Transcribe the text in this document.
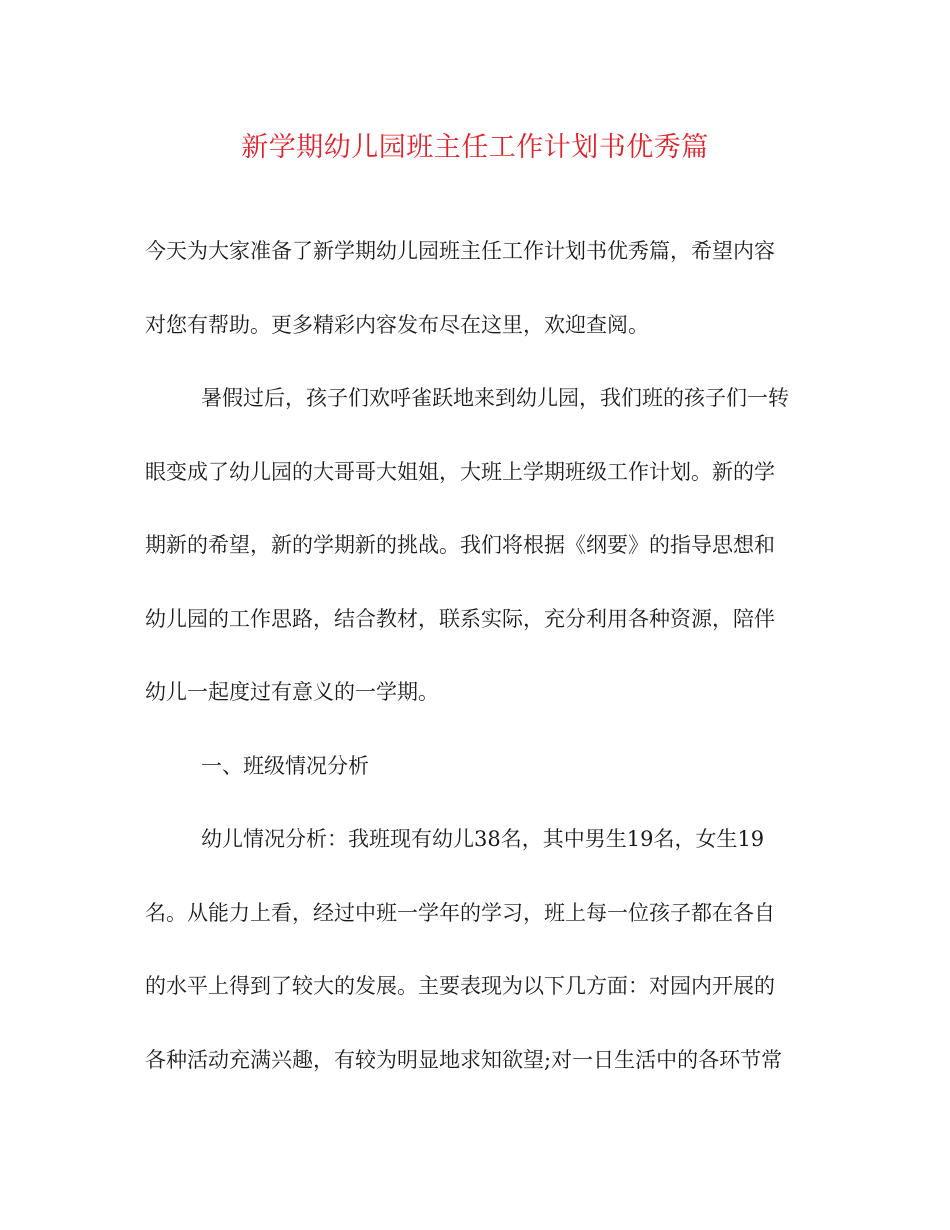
新学期幼儿园班主任工作计划书优秀篇
今天为大家准备了新学期幼儿园班主任工作计划书优秀篇，希望内容
对您有帮助。更多精彩内容发布尽在这里，欢迎查阅。
暑假过后，孩子们欢呼雀跃地来到幼儿园，我们班的孩子们一转
眼变成了幼儿园的大哥哥大姐姐，大班上学期班级工作计划。新的学
期新的希望，新的学期新的挑战。我们将根据《纲要》的指导思想和
幼儿园的工作思路，结合教材，联系实际，充分利用各种资源，陪伴
幼儿一起度过有意义的一学期。
一、班级情况分析
幼儿情况分析：我班现有幼儿38名，其中男生19名，女生19
名。从能力上看，经过中班一学年的学习，班上每一位孩子都在各自
的水平上得到了较大的发展。主要表现为以下几方面：对园内开展的
各种活动充满兴趣，有较为明显地求知欲望;对一日生活中的各环节常
